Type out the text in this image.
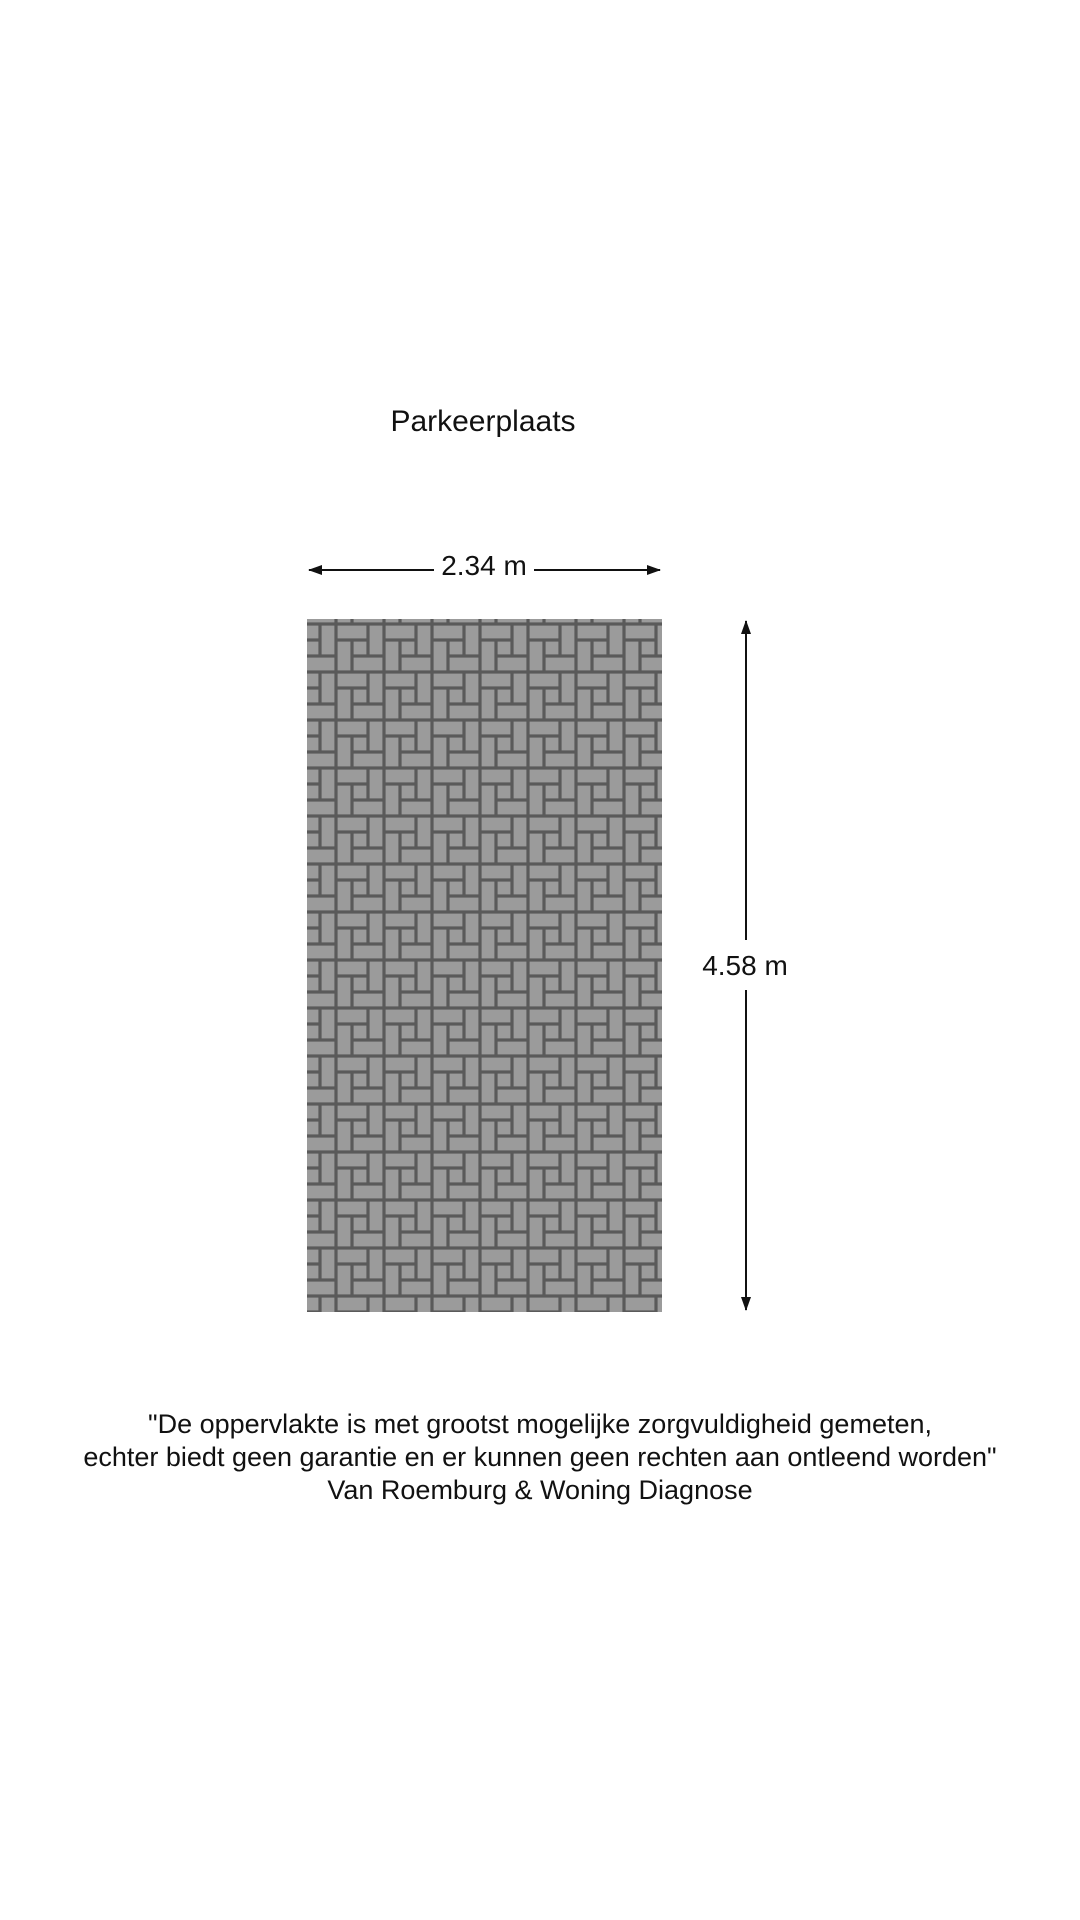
Parkeerplaats
2.34 m
4.58 m
"De oppervlakte is met grootst mogelijke zorgvuldigheid gemeten,
echter biedt geen garantie en er kunnen geen rechten aan ontleend worden"
Van Roemburg & Woning Diagnose
